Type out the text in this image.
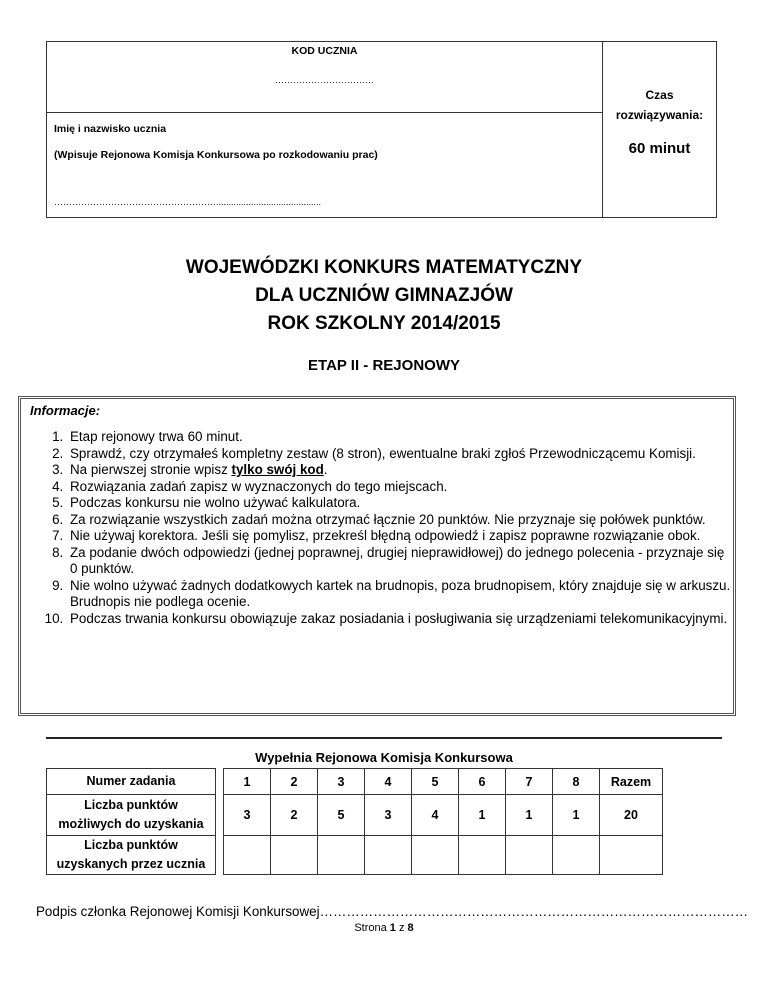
KOD UCZNIA
……………………………
Imię i nazwisko ucznia
(Wpisuje Rejonowa Komisja Konkursowa po rozkodowaniu prac)
………………………………………………..........................................
Czas
rozwiązywania:
60 minut
WOJEWÓDZKI KONKURS MATEMATYCZNY
DLA UCZNIÓW GIMNAZJÓW
ROK SZKOLNY 2014/2015
ETAP II - REJONOWY
Informacje:
1. Etap rejonowy trwa 60 minut.
2. Sprawdź, czy otrzymałeś kompletny zestaw (8 stron), ewentualne braki zgłoś Przewodniczącemu Komisji.
3. Na pierwszej stronie wpisz tylko swój kod.
4. Rozwiązania zadań zapisz w wyznaczonych do tego miejscach.
5. Podczas konkursu nie wolno używać kalkulatora.
6. Za rozwiązanie wszystkich zadań można otrzymać łącznie 20 punktów. Nie przyznaje się połówek punktów.
7. Nie używaj korektora. Jeśli się pomylisz, przekreśl błędną odpowiedź i zapisz poprawne rozwiązanie obok.
8. Za podanie dwóch odpowiedzi (jednej poprawnej, drugiej nieprawidłowej) do jednego polecenia - przyznaje się 0 punktów.
9. Nie wolno używać żadnych dodatkowych kartek na brudnopis, poza brudnopisem, który znajduje się w arkuszu. Brudnopis nie podlega ocenie.
10. Podczas trwania konkursu obowiązuje zakaz posiadania i posługiwania się urządzeniami telekomunikacyjnymi.
Wypełnia Rejonowa Komisja Konkursowa
Numer zadania		1	2	3	4	5	6	7	8	Razem

Liczba punktów
możliwych do uzyskania		3	2	5	3	4	1	1	1	20

Liczba punktów
uzyskanych przez ucznia										

Podpis członka Rejonowej Komisji Konkursowej……………………………………………………………………………………
Strona 1 z 8
